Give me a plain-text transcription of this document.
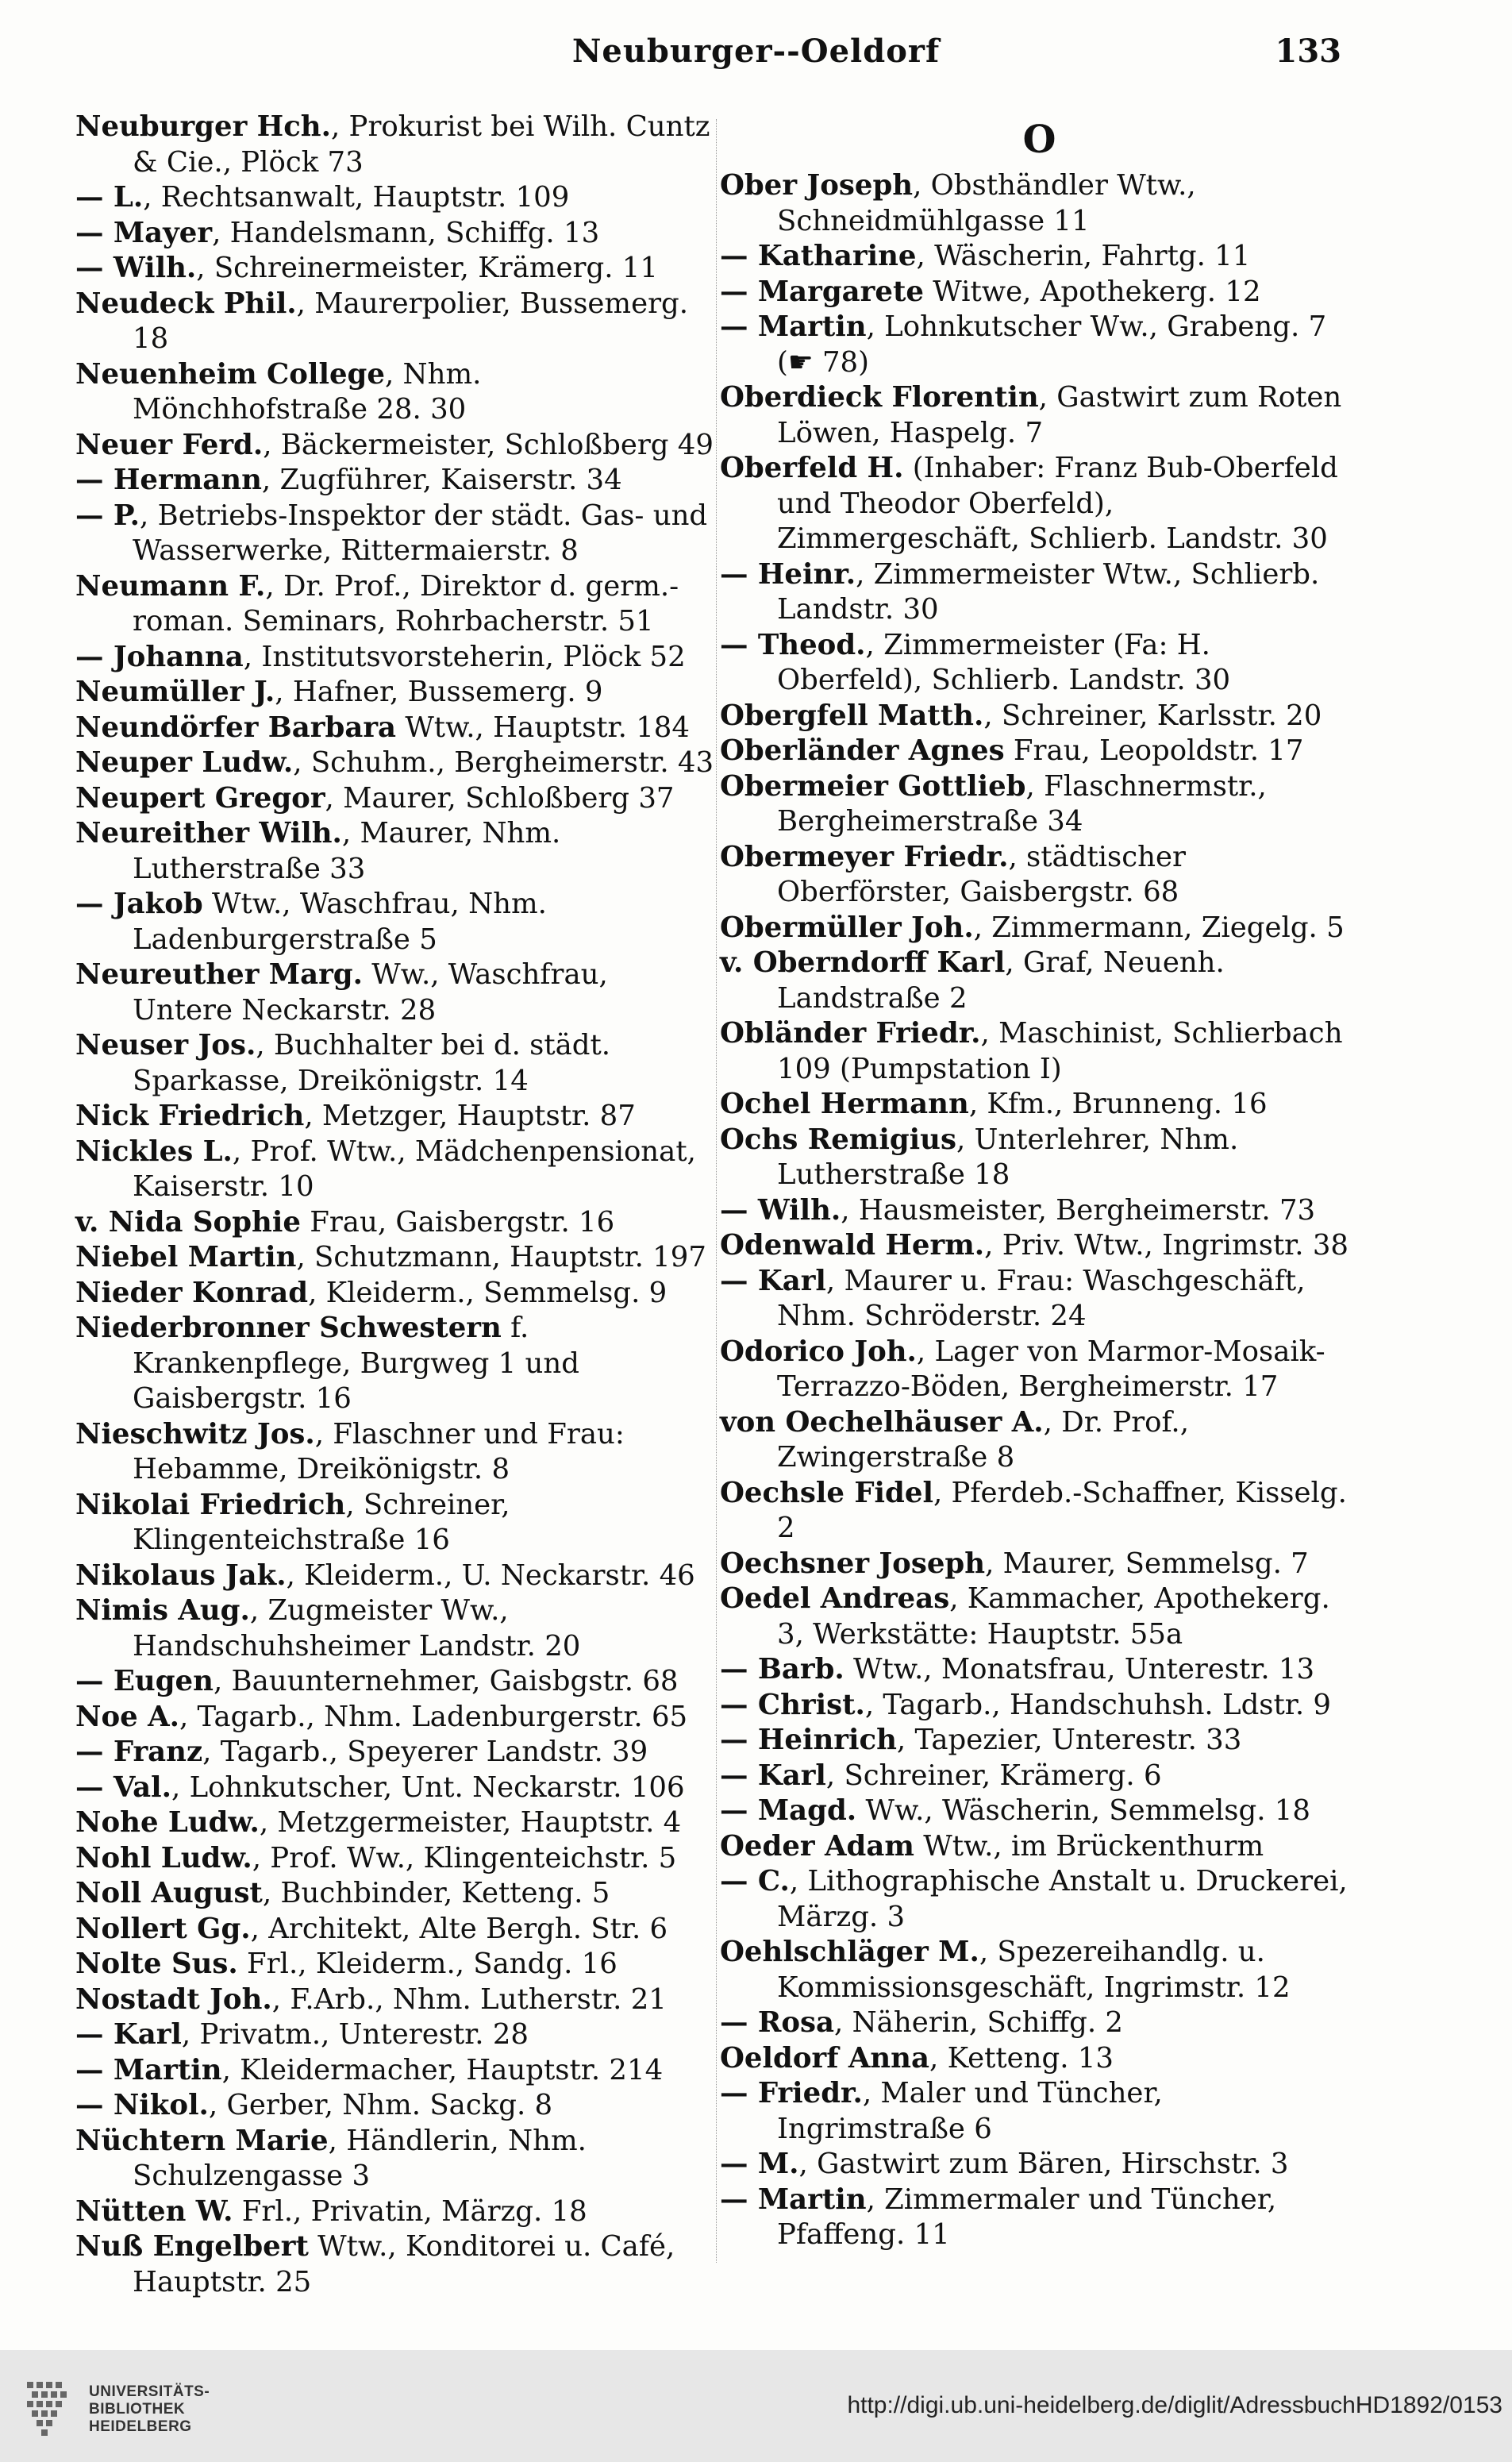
Neuburger--Oeldorf	133
Neuburger Hch., Prokurist bei Wilh. Cuntz & Cie., Plöck 73
— L., Rechtsanwalt, Hauptstr. 109
— Mayer, Handelsmann, Schiffg. 13
— Wilh., Schreinermeister, Krämerg. 11
Neudeck Phil., Maurerpolier, Bussemerg. 18
Neuenheim College, Nhm. Mönchhofstraße 28. 30
Neuer Ferd., Bäckermeister, Schloßberg 49
— Hermann, Zugführer, Kaiserstr. 34
— P., Betriebs-Inspektor der städt. Gas- und Wasserwerke, Rittermaierstr. 8
Neumann F., Dr. Prof., Direktor d. germ.-roman. Seminars, Rohrbacherstr. 51
— Johanna, Institutsvorsteherin, Plöck 52
Neumüller J., Hafner, Bussemerg. 9
Neundörfer Barbara Wtw., Hauptstr. 184
Neuper Ludw., Schuhm., Bergheimerstr. 43
Neupert Gregor, Maurer, Schloßberg 37
Neureither Wilh., Maurer, Nhm. Lutherstraße 33
— Jakob Wtw., Waschfrau, Nhm. Ladenburgerstraße 5
Neureuther Marg. Ww., Waschfrau, Untere Neckarstr. 28
Neuser Jos., Buchhalter bei d. städt. Sparkasse, Dreikönigstr. 14
Nick Friedrich, Metzger, Hauptstr. 87
Nickles L., Prof. Wtw., Mädchenpensionat, Kaiserstr. 10
v. Nida Sophie Frau, Gaisbergstr. 16
Niebel Martin, Schutzmann, Hauptstr. 197
Nieder Konrad, Kleiderm., Semmelsg. 9
Niederbronner Schwestern f. Krankenpflege, Burgweg 1 und Gaisbergstr. 16
Nieschwitz Jos., Flaschner und Frau: Hebamme, Dreikönigstr. 8
Nikolai Friedrich, Schreiner, Klingenteichstraße 16
Nikolaus Jak., Kleiderm., U. Neckarstr. 46
Nimis Aug., Zugmeister Ww., Handschuhsheimer Landstr. 20
— Eugen, Bauunternehmer, Gaisbgstr. 68
Noe A., Tagarb., Nhm. Ladenburgerstr. 65
— Franz, Tagarb., Speyerer Landstr. 39
— Val., Lohnkutscher, Unt. Neckarstr. 106
Nohe Ludw., Metzgermeister, Hauptstr. 4
Nohl Ludw., Prof. Ww., Klingenteichstr. 5
Noll August, Buchbinder, Ketteng. 5
Nollert Gg., Architekt, Alte Bergh. Str. 6
Nolte Sus. Frl., Kleiderm., Sandg. 16
Nostadt Joh., F.Arb., Nhm. Lutherstr. 21
— Karl, Privatm., Unterestr. 28
— Martin, Kleidermacher, Hauptstr. 214
— Nikol., Gerber, Nhm. Sackg. 8
Nüchtern Marie, Händlerin, Nhm. Schulzengasse 3
Nütten W. Frl., Privatin, Märzg. 18
Nuß Engelbert Wtw., Konditorei u. Café, Hauptstr. 25
O
Ober Joseph, Obsthändler Wtw., Schneidmühlgasse 11
— Katharine, Wäscherin, Fahrtg. 11
— Margarete Witwe, Apothekerg. 12
— Martin, Lohnkutscher Ww., Grabeng. 7 (☛ 78)
Oberdieck Florentin, Gastwirt zum Roten Löwen, Haspelg. 7
Oberfeld H. (Inhaber: Franz Bub-Oberfeld und Theodor Oberfeld), Zimmergeschäft, Schlierb. Landstr. 30
— Heinr., Zimmermeister Wtw., Schlierb. Landstr. 30
— Theod., Zimmermeister (Fa: H. Oberfeld), Schlierb. Landstr. 30
Obergfell Matth., Schreiner, Karlsstr. 20
Oberländer Agnes Frau, Leopoldstr. 17
Obermeier Gottlieb, Flaschnermstr., Bergheimerstraße 34
Obermeyer Friedr., städtischer Oberförster, Gaisbergstr. 68
Obermüller Joh., Zimmermann, Ziegelg. 5
v. Oberndorff Karl, Graf, Neuenh. Landstraße 2
Obländer Friedr., Maschinist, Schlierbach 109 (Pumpstation I)
Ochel Hermann, Kfm., Brunneng. 16
Ochs Remigius, Unterlehrer, Nhm. Lutherstraße 18
— Wilh., Hausmeister, Bergheimerstr. 73
Odenwald Herm., Priv. Wtw., Ingrimstr. 38
— Karl, Maurer u. Frau: Waschgeschäft, Nhm. Schröderstr. 24
Odorico Joh., Lager von Marmor-Mosaik-Terrazzo-Böden, Bergheimerstr. 17
von Oechelhäuser A., Dr. Prof., Zwingerstraße 8
Oechsle Fidel, Pferdeb.-Schaffner, Kisselg. 2
Oechsner Joseph, Maurer, Semmelsg. 7
Oedel Andreas, Kammacher, Apothekerg. 3, Werkstätte: Hauptstr. 55a
— Barb. Wtw., Monatsfrau, Unterestr. 13
— Christ., Tagarb., Handschuhsh. Ldstr. 9
— Heinrich, Tapezier, Unterestr. 33
— Karl, Schreiner, Krämerg. 6
— Magd. Ww., Wäscherin, Semmelsg. 18
Oeder Adam Wtw., im Brückenthurm
— C., Lithographische Anstalt u. Druckerei, Märzg. 3
Oehlschläger M., Spezereihandlg. u. Kommissionsgeschäft, Ingrimstr. 12
— Rosa, Näherin, Schiffg. 2
Oeldorf Anna, Ketteng. 13
— Friedr., Maler und Tüncher, Ingrimstraße 6
— M., Gastwirt zum Bären, Hirschstr. 3
— Martin, Zimmermaler und Tüncher, Pfaffeng. 11
UNIVERSITÄTS-
BIBLIOTHEK
HEIDELBERG
http://digi.ub.uni-heidelberg.de/diglit/AdressbuchHD1892/0153
